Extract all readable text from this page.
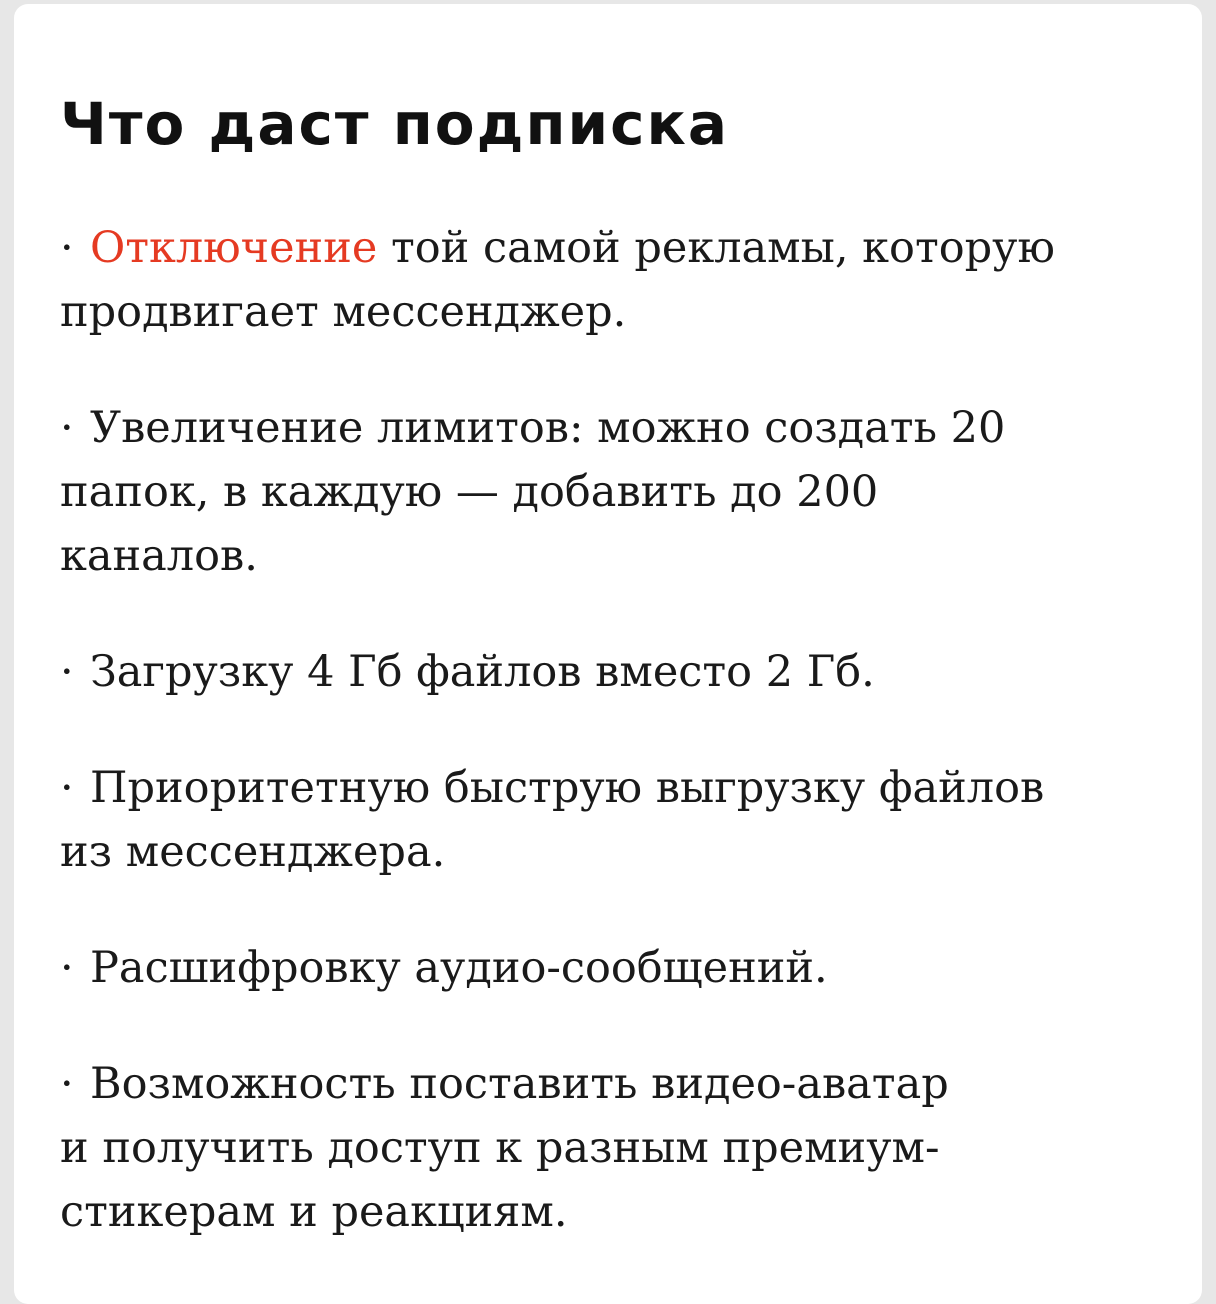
Что даст подписка
· Отключение той самой рекламы, которую
продвигает мессенджер.
· Увеличение лимитов: можно создать 20
папок, в каждую — добавить до 200
каналов.
· Загрузку 4 Гб файлов вместо 2 Гб.
· Приоритетную быструю выгрузку файлов
из мессенджера.
· Расшифровку аудио-сообщений.
· Возможность поставить видео-аватар
и получить доступ к разным премиум-
стикерам и реакциям.
